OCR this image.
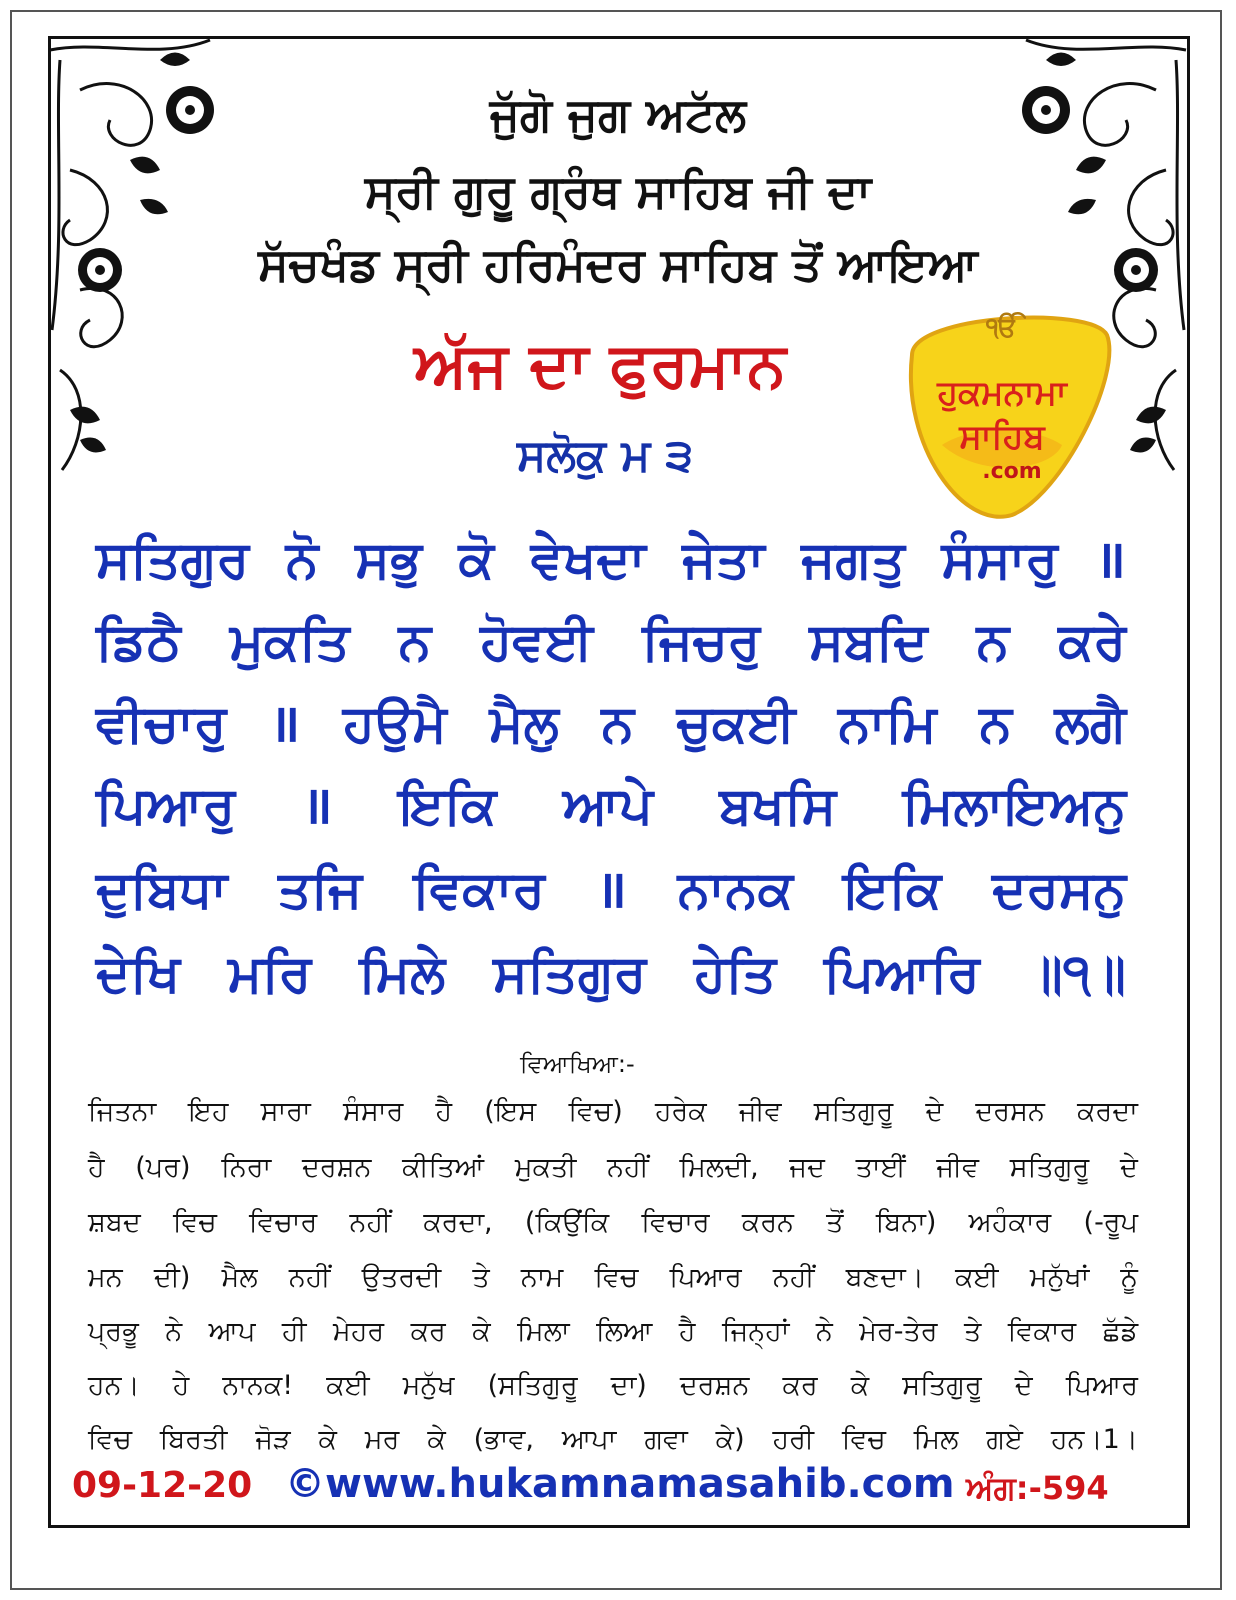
ਜੁੱਗੋ ਜੁਗ ਅਟੱਲ
ਸ੍ਰੀ ਗੁਰੂ ਗ੍ਰੰਥ ਸਾਹਿਬ ਜੀ ਦਾ
ਸੱਚਖੰਡ ਸ੍ਰੀ ਹਰਿਮੰਦਰ ਸਾਹਿਬ ਤੋਂ ਆਇਆ
ਅੱਜ ਦਾ ਫੁਰਮਾਨ
ਸਲੋਕੁ ਮ ੩
ੴ
ਹੁਕਮਨਾਮਾ
ਸਾਹਿਬ
.com
ਸਤਿਗੁਰ ਨੋ ਸਭੁ ਕੋ ਵੇਖਦਾ ਜੇਤਾ ਜਗਤੁ ਸੰਸਾਰੁ ॥
ਡਿਠੈ ਮੁਕਤਿ ਨ ਹੋਵਈ ਜਿਚਰੁ ਸਬਦਿ ਨ ਕਰੇ
ਵੀਚਾਰੁ ॥ ਹਉਮੈ ਮੈਲੁ ਨ ਚੁਕਈ ਨਾਮਿ ਨ ਲਗੈ
ਪਿਆਰੁ ॥ ਇਕਿ ਆਪੇ ਬਖਸਿ ਮਿਲਾਇਅਨੁ
ਦੁਬਿਧਾ ਤਜਿ ਵਿਕਾਰ ॥ ਨਾਨਕ ਇਕਿ ਦਰਸਨੁ
ਦੇਖਿ ਮਰਿ ਮਿਲੇ ਸਤਿਗੁਰ ਹੇਤਿ ਪਿਆਰਿ ॥੧॥
ਵਿਆਖਿਆ:-
ਜਿਤਨਾ ਇਹ ਸਾਰਾ ਸੰਸਾਰ ਹੈ (ਇਸ ਵਿਚ) ਹਰੇਕ ਜੀਵ ਸਤਿਗੁਰੂ ਦੇ ਦਰਸਨ ਕਰਦਾ
ਹੈ (ਪਰ) ਨਿਰਾ ਦਰਸ਼ਨ ਕੀਤਿਆਂ ਮੁਕਤੀ ਨਹੀਂ ਮਿਲਦੀ, ਜਦ ਤਾਈਂ ਜੀਵ ਸਤਿਗੁਰੂ ਦੇ
ਸ਼ਬਦ ਵਿਚ ਵਿਚਾਰ ਨਹੀਂ ਕਰਦਾ, (ਕਿਉਂਕਿ ਵਿਚਾਰ ਕਰਨ ਤੋਂ ਬਿਨਾ) ਅਹੰਕਾਰ (-ਰੂਪ
ਮਨ ਦੀ) ਮੈਲ ਨਹੀਂ ਉਤਰਦੀ ਤੇ ਨਾਮ ਵਿਚ ਪਿਆਰ ਨਹੀਂ ਬਣਦਾ। ਕਈ ਮਨੁੱਖਾਂ ਨੂੰ
ਪ੍ਰਭੂ ਨੇ ਆਪ ਹੀ ਮੇਹਰ ਕਰ ਕੇ ਮਿਲਾ ਲਿਆ ਹੈ ਜਿਨ੍ਹਾਂ ਨੇ ਮੇਰ-ਤੇਰ ਤੇ ਵਿਕਾਰ ਛੱਡੇ
ਹਨ। ਹੇ ਨਾਨਕ! ਕਈ ਮਨੁੱਖ (ਸਤਿਗੁਰੂ ਦਾ) ਦਰਸ਼ਨ ਕਰ ਕੇ ਸਤਿਗੁਰੂ ਦੇ ਪਿਆਰ
ਵਿਚ ਬਿਰਤੀ ਜੋੜ ਕੇ ਮਰ ਕੇ (ਭਾਵ, ਆਪਾ ਗਵਾ ਕੇ) ਹਰੀ ਵਿਚ ਮਿਲ ਗਏ ਹਨ।1।
09-12-20 ©www.hukamnamasahib.com ਅੰਗ:-594
